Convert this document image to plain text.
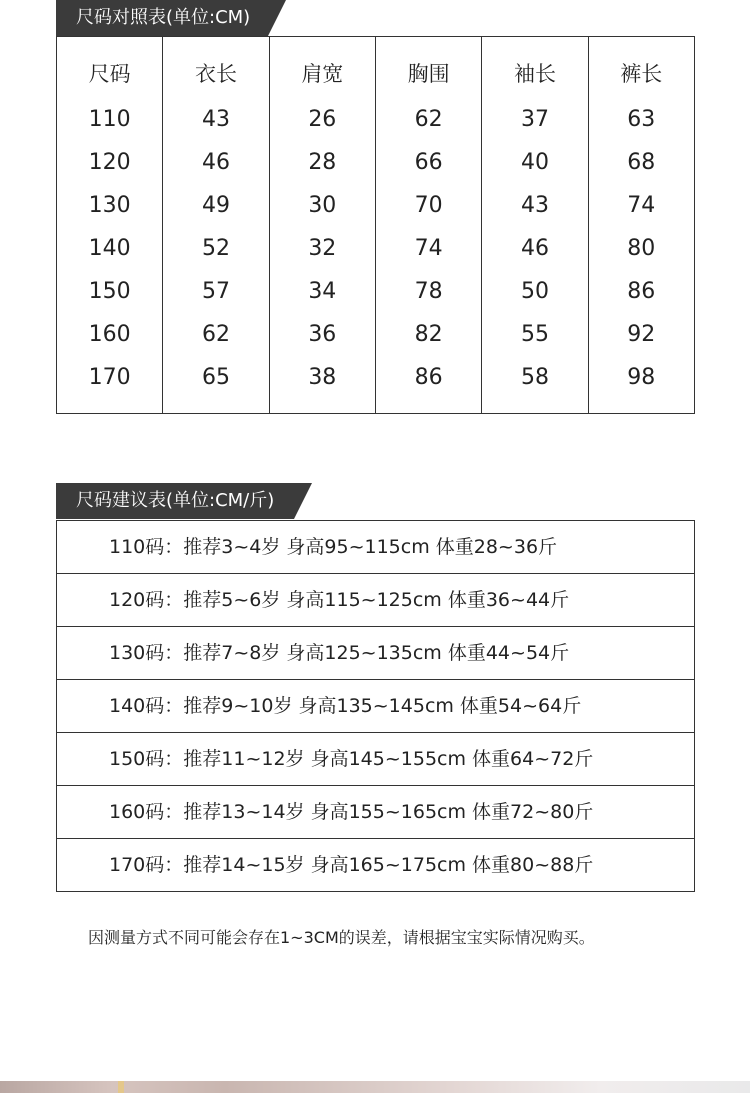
尺码对照表(单位:CM)
尺码
110
120
130
140
150
160
170
衣长
43
46
49
52
57
62
65
肩宽
26
28
30
32
34
36
38
胸围
62
66
70
74
78
82
86
袖长
37
40
43
46
50
55
58
裤长
63
68
74
80
86
92
98
尺码建议表(单位:CM/斤)
110码：推荐3~4岁 身高95~115cm 体重28~36斤
120码：推荐5~6岁 身高115~125cm 体重36~44斤
130码：推荐7~8岁 身高125~135cm 体重44~54斤
140码：推荐9~10岁 身高135~145cm 体重54~64斤
150码：推荐11~12岁 身高145~155cm 体重64~72斤
160码：推荐13~14岁 身高155~165cm 体重72~80斤
170码：推荐14~15岁 身高165~175cm 体重80~88斤
因测量方式不同可能会存在1~3CM的误差，请根据宝宝实际情况购买。
